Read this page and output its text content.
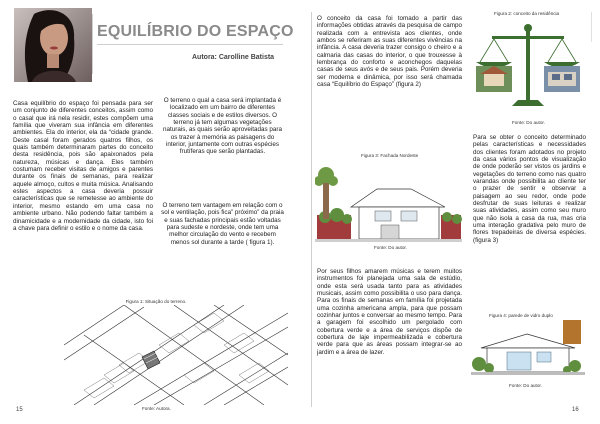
EQUILÍBRIO DO ESPAÇO
Autora: Carolline Batista
Casa equilíbrio do espaço foi pensada para ser um conjunto de diferentes conceitos, assim como o casal que irá nela residir, estes compõem uma família que viveram sua infância em diferentes ambientes. Ela do interior, ela da “cidade grande. Deste casal foram gerados quatros filhos, os quais também determinaram partes do conceito desta residência, pois são apaixonados pela natureza, músicas e dança. Eles também costumam receber visitas de amigos e parentes durante os finais de semanas, para realizar aquele almoço, cultos e muita música. Analisando estes aspectos a casa deveria possuir características que se remetesse ao ambiente do interior, mesmo estando em uma casa no ambiente urbano. Não podendo faltar também a dinamicidade e a modernidade da cidade, isto foi a chave para definir o estilo e o nome da casa.
O terreno o qual a casa será implantada é localizado em um bairro de diferentes classes sociais e de estilos diversos. O terreno já tem algumas vegetações naturais, as quais serão aproveitadas para os trazer à memória as paisagens do interior, juntamente com outras espécies frutíferas que serão plantadas.
O terreno tem vantagem em relação com o sol e ventilação, pois fica” próximo” da praia e suas fachadas principais estão voltadas para sudeste e nordeste, onde tem uma melhor circulação do vento e recebem menos sol durante a tarde ( figura 1).
Figura 1: Situação do terreno.
Fonte: Autora.
15
O conceito da casa foi tomado a partir das informações obtidas através da pesquisa de campo realizada com a entrevista aos clientes, onde ambos se referiram as suas diferentes vivências na infância. A casa deveria trazer consigo o cheiro e a calmaria das casas do interior, o que trouxesse à lembrança do conforto e aconchegos daquelas casas de seus avós e de seus pais. Porém deveria ser moderna e dinâmica, por isso será chamada casa “Equilíbrio do Espaço” (figura 2)
Figura 3: Fachada Nordeste
Fonte: Do autor.
Por seus filhos amarem músicas e terem muitos instrumentos foi planejada uma sala de estúdio, onde esta será usada tanto para as atividades musicais, assim como possibilita o uso para dança. Para os finais de semanas em família foi projetada uma cozinha americana ampla, para que possam cozinhar juntos e conversar ao mesmo tempo. Para a garagem foi escolhido um pergolado com cobertura verde e a área de serviços dispõe de cobertura de laje impermeabilizada e cobertura verde para que as áreas possam integrar-se ao jardim e a área de lazer.
Figura 2: conceito da residência
Fonte: Do autor.
Para se obter o conceito determinado pelas características e necessidades dos clientes foram adotados no projeto da casa vários pontos de visualização de onde poderão ser vistos os jardins e vegetações do terreno como nas quatro varandas onde possibilita ao cliente ter o prazer de sentir e observar a paisagem ao seu redor, onde pode desfrutar de suas leituras e realizar suas atividades, assim como seu muro que não isola a casa da rua, mas cria uma interação gradativa pelo muro de flores trepadeiras de diversa espécies. (figura 3)
Figura 4: parede de vidro duplo
Fonte: Do autor.
16
